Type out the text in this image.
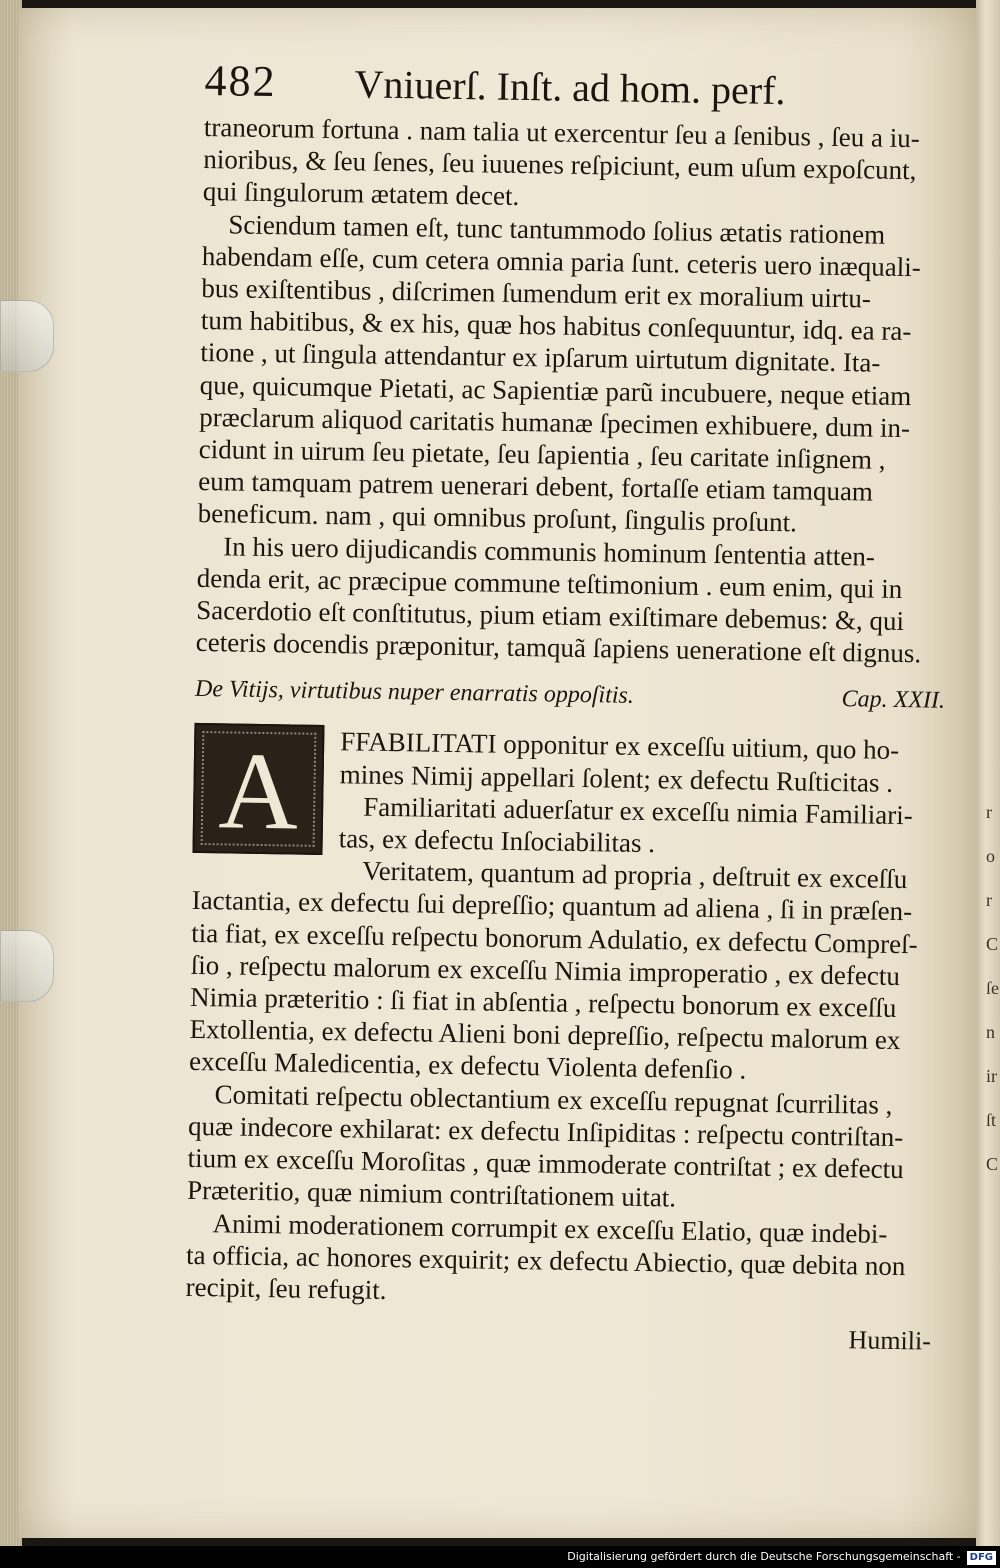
r
o
r
C
ſe
n
ir
ſt
C
482	Vniuerſ. Inſt. ad hom. perf.
traneorum fortuna . nam talia ut exercentur ſeu a ſenibus , ſeu a iu-
nioribus, & ſeu ſenes, ſeu iuuenes reſpiciunt, eum uſum expoſcunt,
qui ſingulorum ætatem decet.
Sciendum tamen eſt, tunc tantummodo ſolius ætatis rationem
habendam eſſe, cum cetera omnia paria ſunt. ceteris uero inæquali-
bus exiſtentibus , diſcrimen ſumendum erit ex moralium uirtu-
tum habitibus, & ex his, quæ hos habitus conſequuntur, idq. ea ra-
tione , ut ſingula attendantur ex ipſarum uirtutum dignitate. Ita-
que, quicumque Pietati, ac Sapientiæ parũ incubuere, neque etiam
præclarum aliquod caritatis humanæ ſpecimen exhibuere, dum in-
cidunt in uirum ſeu pietate, ſeu ſapientia , ſeu caritate inſignem ,
eum tamquam patrem uenerari debent, fortaſſe etiam tamquam
beneficum. nam , qui omnibus proſunt, ſingulis proſunt.
In his uero dijudicandis communis hominum ſententia atten-
denda erit, ac præcipue commune teſtimonium . eum enim, qui in
Sacerdotio eſt conſtitutus, pium etiam exiſtimare debemus: &, qui
ceteris docendis præponitur, tamquã ſapiens ueneratione eſt dignus.
De Vitijs, virtutibus nuper enarratis oppoſitis.	Cap. XXII.
A	FFABILITATI opponitur ex exceſſu uitium, quo ho-
mines Nimij appellari ſolent; ex defectu Ruſticitas .
Familiaritati aduerſatur ex exceſſu nimia Familiari-
tas, ex defectu Inſociabilitas .
Veritatem, quantum ad propria , deſtruit ex exceſſu
Iactantia, ex defectu ſui depreſſio; quantum ad aliena , ſi in præſen-
tia fiat, ex exceſſu reſpectu bonorum Adulatio, ex defectu Compreſ-
ſio , reſpectu malorum ex exceſſu Nimia improperatio , ex defectu
Nimia præteritio : ſi fiat in abſentia , reſpectu bonorum ex exceſſu
Extollentia, ex defectu Alieni boni depreſſio, reſpectu malorum ex
exceſſu Maledicentia, ex defectu Violenta defenſio .
Comitati reſpectu oblectantium ex exceſſu repugnat ſcurrilitas ,
quæ indecore exhilarat: ex defectu Inſipiditas : reſpectu contriſtan-
tium ex exceſſu Moroſitas , quæ immoderate contriſtat ; ex defectu
Præteritio, quæ nimium contriſtationem uitat.
Animi moderationem corrumpit ex exceſſu Elatio, quæ indebi-
ta officia, ac honores exquirit; ex defectu Abiectio, quæ debita non
recipit, ſeu refugit.
Humili-
Digitalisierung gefördert durch die Deutsche Forschungsgemeinschaft - DFG
